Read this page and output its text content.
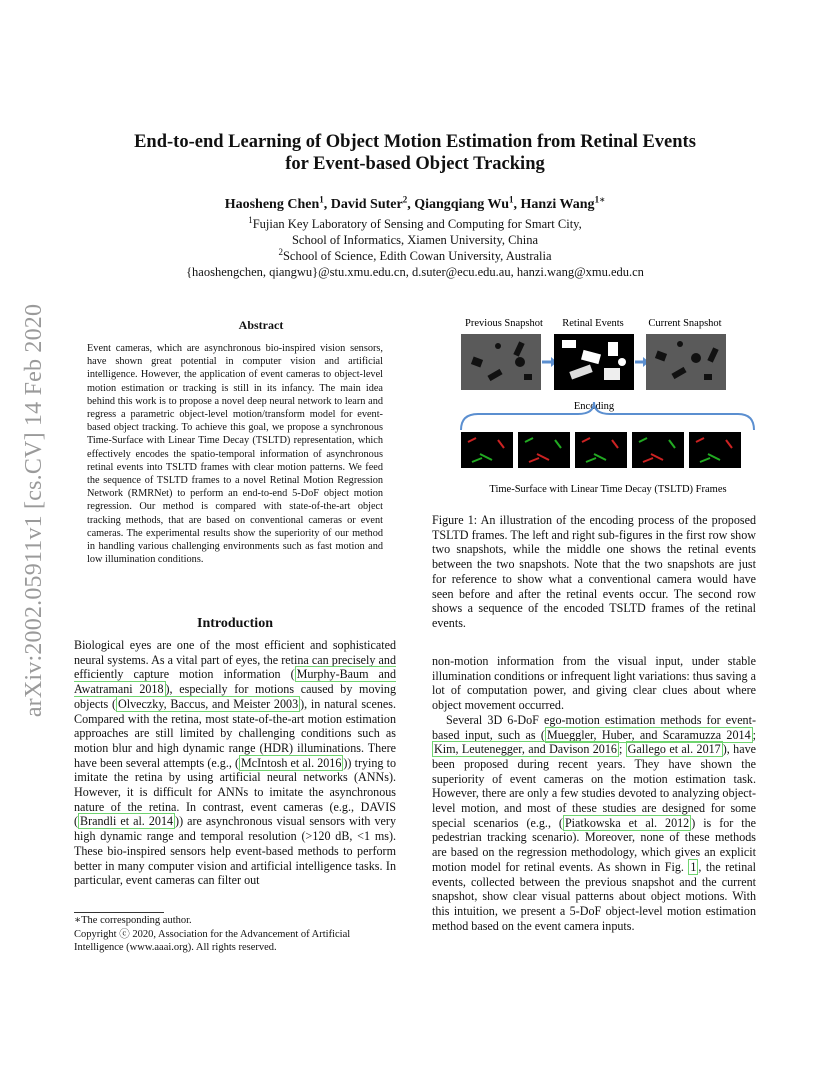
arXiv:2002.05911v1 [cs.CV] 14 Feb 2020
End-to-end Learning of Object Motion Estimation from Retinal Events
for Event-based Object Tracking
Haosheng Chen$^1$, David Suter$^2$, Qiangqiang Wu$^1$, Hanzi Wang$^{1∗}$
$^1$Fujian Key Laboratory of Sensing and Computing for Smart City,
School of Informatics, Xiamen University, China
$^2$School of Science, Edith Cowan University, Australia
{haoshengchen, qiangwu}@stu.xmu.edu.cn, d.suter@ecu.edu.au, hanzi.wang@xmu.edu.cn
Abstract
Event cameras, which are asynchronous bio-inspired vision sensors, have shown great potential in computer vision and artificial intelligence. However, the application of event cameras to object-level motion estimation or tracking is still in its infancy. The main idea behind this work is to propose a novel deep neural network to learn and regress a parametric object-level motion/transform model for event-based object tracking. To achieve this goal, we propose a synchronous Time-Surface with Linear Time Decay (TSLTD) representation, which effectively encodes the spatio-temporal information of asynchronous retinal events into TSLTD frames with clear motion patterns. We feed the sequence of TSLTD frames to a novel Retinal Motion Regression Network (RMRNet) to perform an end-to-end 5-DoF object motion regression. Our method is compared with state-of-the-art object tracking methods, that are based on conventional cameras or event cameras. The experimental results show the superiority of our method in handling various challenging environments such as fast motion and low illumination conditions.
Introduction

Biological eyes are one of the most efficient and sophisticated neural systems. As a vital part of eyes, the retina can precisely and efficiently capture motion information ( Murphy-Baum and Awatramani 2018 ), especially for motions caused by moving objects ( Olveczky, Baccus, and Meister 2003 ), in natural scenes. Compared with the retina, most state-of-the-art motion estimation approaches are still limited by challenging conditions such as motion blur and high dynamic range (HDR) illuminations. There have been several attempts (e.g., ( McIntosh et al. 2016 )) trying to imitate the retina by using artificial neural networks (ANNs). However, it is difficult for ANNs to imitate the asynchronous nature of the retina. In contrast, event cameras (e.g., DAVIS ( Brandli et al. 2014 )) are asynchronous visual sensors with very high dynamic range and temporal resolution (>120 dB, <1 ms). These bio-inspired sensors help event-based methods to perform better in many computer vision and artificial intelligence tasks. In particular, event cameras can filter out

∗The corresponding author.
Copyright ⓒ 2020, Association for the Advancement of Artificial Intelligence (www.aaai.org). All rights reserved.
Previous Snapshot Retinal Events Current Snapshot
Encoding
Time-Surface with Linear Time Decay (TSLTD) Frames
Figure 1: An illustration of the encoding process of the proposed TSLTD frames. The left and right sub-figures in the first row show two snapshots, while the middle one shows the retinal events between the two snapshots. Note that the two snapshots are just for reference to show what a conventional camera would have seen before and after the retinal events occur. The second row shows a sequence of the encoded TSLTD frames of the retinal events.

non-motion information from the visual input, under stable illumination conditions or infrequent light variations: thus saving a lot of computation power, and giving clear clues about where object movement occurred.

Several 3D 6-DoF ego-motion estimation methods for event-based input, such as ( Mueggler, Huber, and Scaramuzza 2014 ; Kim, Leutenegger, and Davison 2016 ; Gallego et al. 2017 ), have been proposed during recent years. They have shown the superiority of event cameras on the motion estimation task. However, there are only a few studies devoted to analyzing object-level motion, and most of these studies are designed for some special scenarios (e.g., ( Piatkowska et al. 2012 ) is for the pedestrian tracking scenario). Moreover, none of these methods are based on the regression methodology, which gives an explicit motion model for retinal events. As shown in Fig. 1 , the retinal events, collected between the previous snapshot and the current snapshot, show clear visual patterns about object motions. With this intuition, we present a 5-DoF object-level motion estimation method based on the event camera inputs.
